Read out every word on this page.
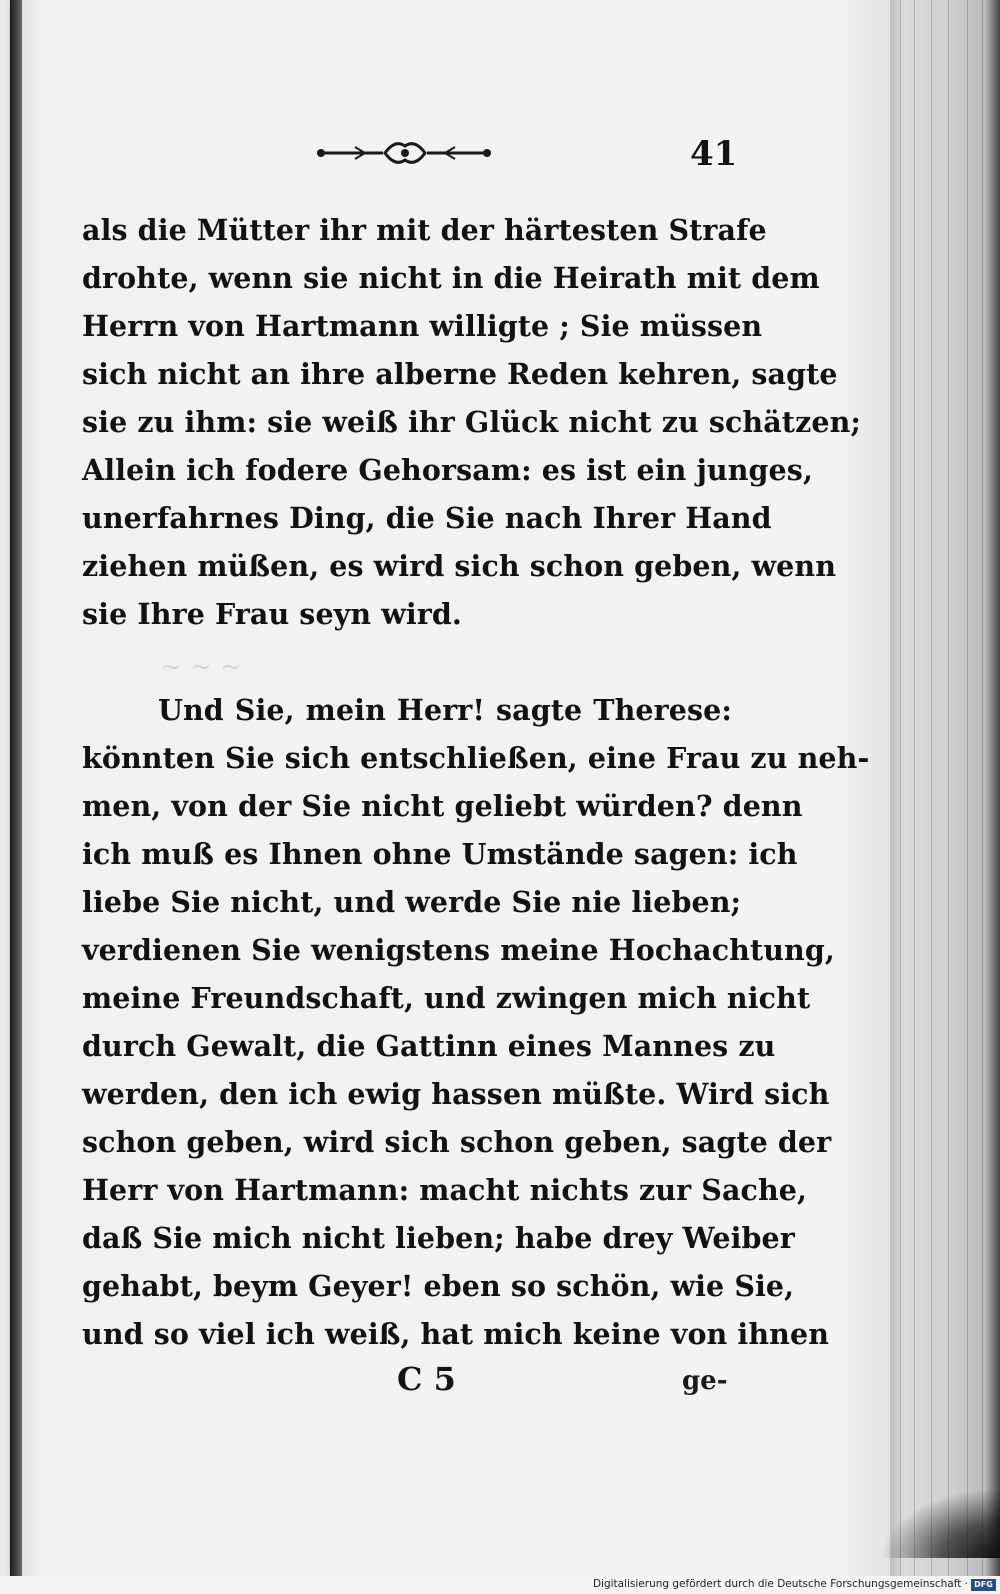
41
~ ~ ~
als die Mütter ihr mit der härtesten Strafe
drohte, wenn sie nicht in die Heirath mit dem
Herrn von Hartmann willigte ; Sie müssen
sich nicht an ihre alberne Reden kehren, sagte
sie zu ihm: sie weiß ihr Glück nicht zu schätzen;
Allein ich fodere Gehorsam: es ist ein junges,
unerfahrnes Ding, die Sie nach Ihrer Hand
ziehen müßen, es wird sich schon geben, wenn
sie Ihre Frau seyn wird.
Und Sie, mein Herr! sagte Therese:
könnten Sie sich entschließen, eine Frau zu neh-
men, von der Sie nicht geliebt würden? denn
ich muß es Ihnen ohne Umstände sagen: ich
liebe Sie nicht, und werde Sie nie lieben;
verdienen Sie wenigstens meine Hochachtung,
meine Freundschaft, und zwingen mich nicht
durch Gewalt, die Gattinn eines Mannes zu
werden, den ich ewig hassen müßte. Wird sich
schon geben, wird sich schon geben, sagte der
Herr von Hartmann: macht nichts zur Sache,
daß Sie mich nicht lieben; habe drey Weiber
gehabt, beym Geyer! eben so schön, wie Sie,
und so viel ich weiß, hat mich keine von ihnen
C 5	ge-
Digitalisierung gefördert durch die Deutsche Forschungsgemeinschaft · DFG
